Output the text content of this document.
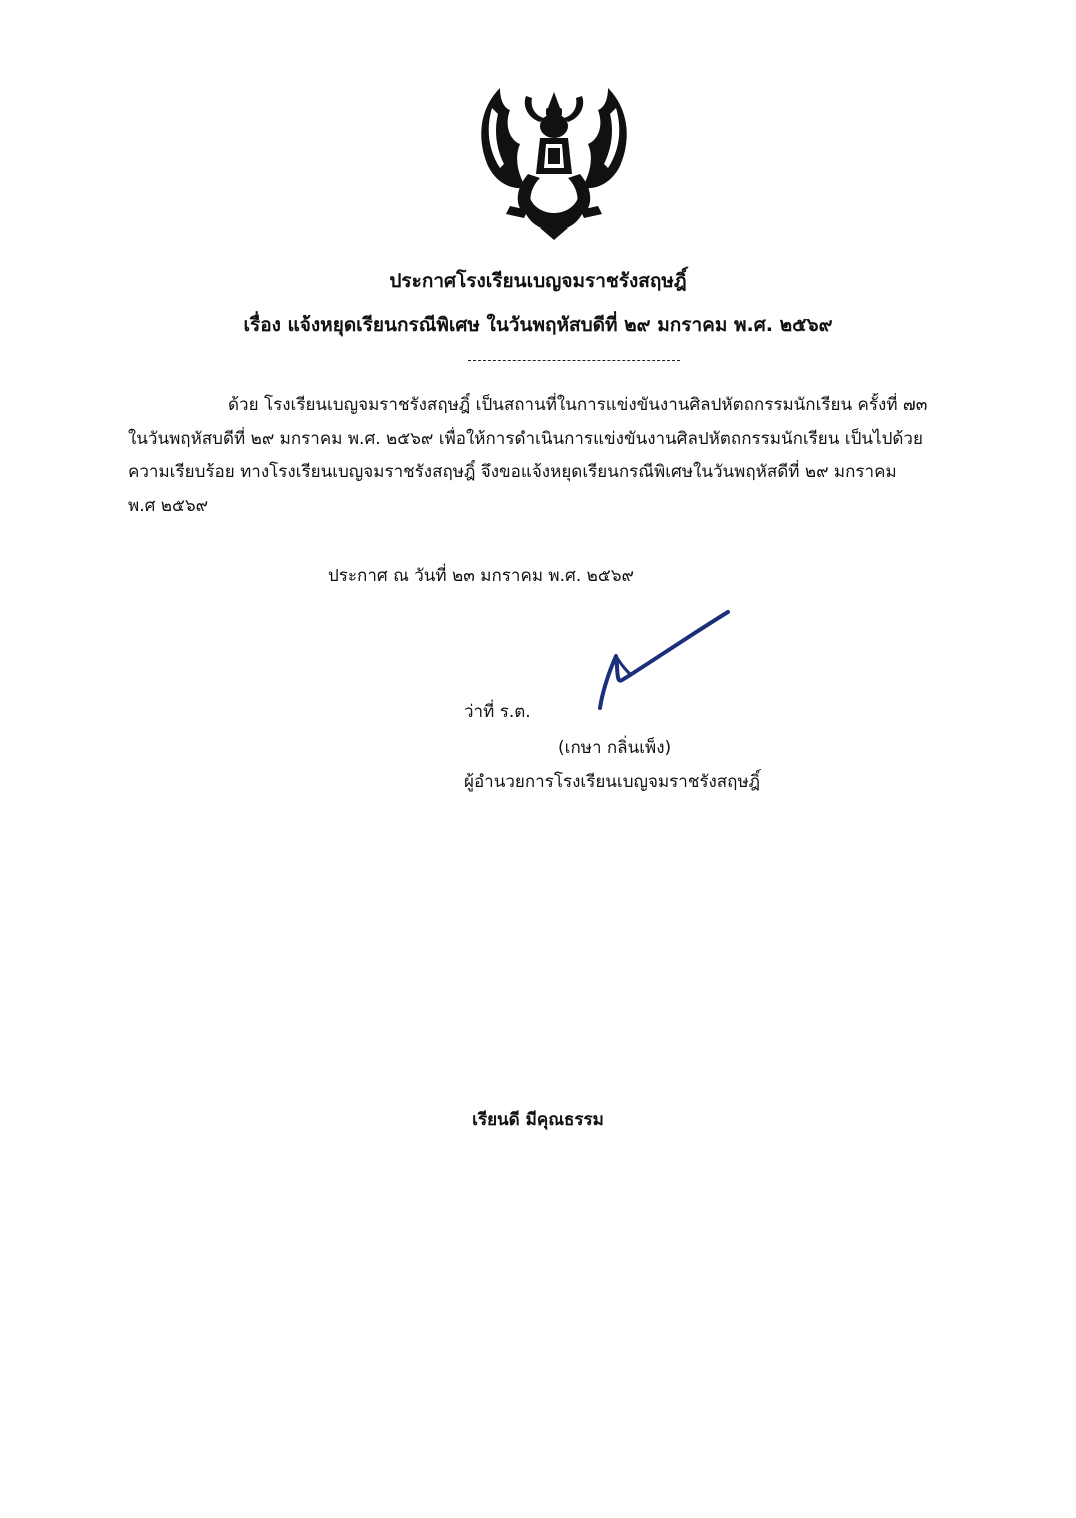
ประกาศโรงเรียนเบญจมราชรังสฤษฎิ์
เรื่อง แจ้งหยุดเรียนกรณีพิเศษ ในวันพฤหัสบดีที่ ๒๙ มกราคม พ.ศ. ๒๕๖๙
ด้วย โรงเรียนเบญจมราชรังสฤษฎิ์ เป็นสถานที่ในการแข่งขันงานศิลปหัตถกรรมนักเรียน ครั้งที่ ๗๓
ในวันพฤหัสบดีที่ ๒๙ มกราคม พ.ศ. ๒๕๖๙ เพื่อให้การดำเนินการแข่งขันงานศิลปหัตถกรรมนักเรียน เป็นไปด้วย
ความเรียบร้อย ทางโรงเรียนเบญจมราชรังสฤษฎิ์ จึงขอแจ้งหยุดเรียนกรณีพิเศษในวันพฤหัสดีที่ ๒๙ มกราคม
พ.ศ ๒๕๖๙
ประกาศ ณ วันที่ ๒๓ มกราคม พ.ศ. ๒๕๖๙
ว่าที่ ร.ต.
(เกษา กลิ่นเพ็ง)
ผู้อำนวยการโรงเรียนเบญจมราชรังสฤษฎิ์
เรียนดี มีคุณธรรม
